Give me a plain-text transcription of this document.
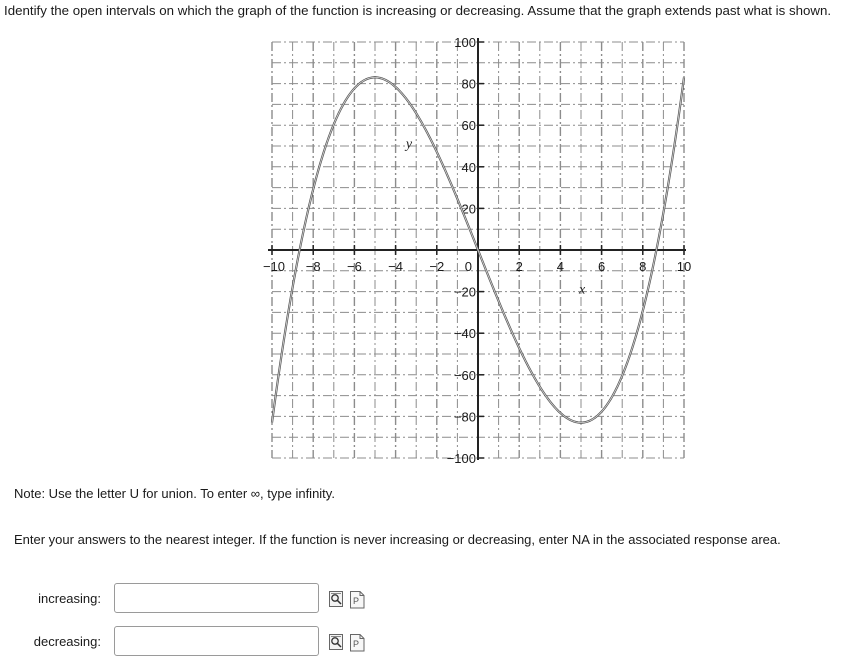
Identify the open intervals on which the graph of the function is increasing or decreasing. Assume that the graph extends past what is shown.
−10 −8 −6 −4 −2	2	4	6	8 10
100
80
60
40
20
−20
−40
−60
−80
−100
0
y
x
Note: Use the letter U for union. To enter ∞, type infinity.
Enter your answers to the nearest integer. If the function is never increasing or decreasing, enter NA in the associated response area.
increasing:	P
decreasing:	P
